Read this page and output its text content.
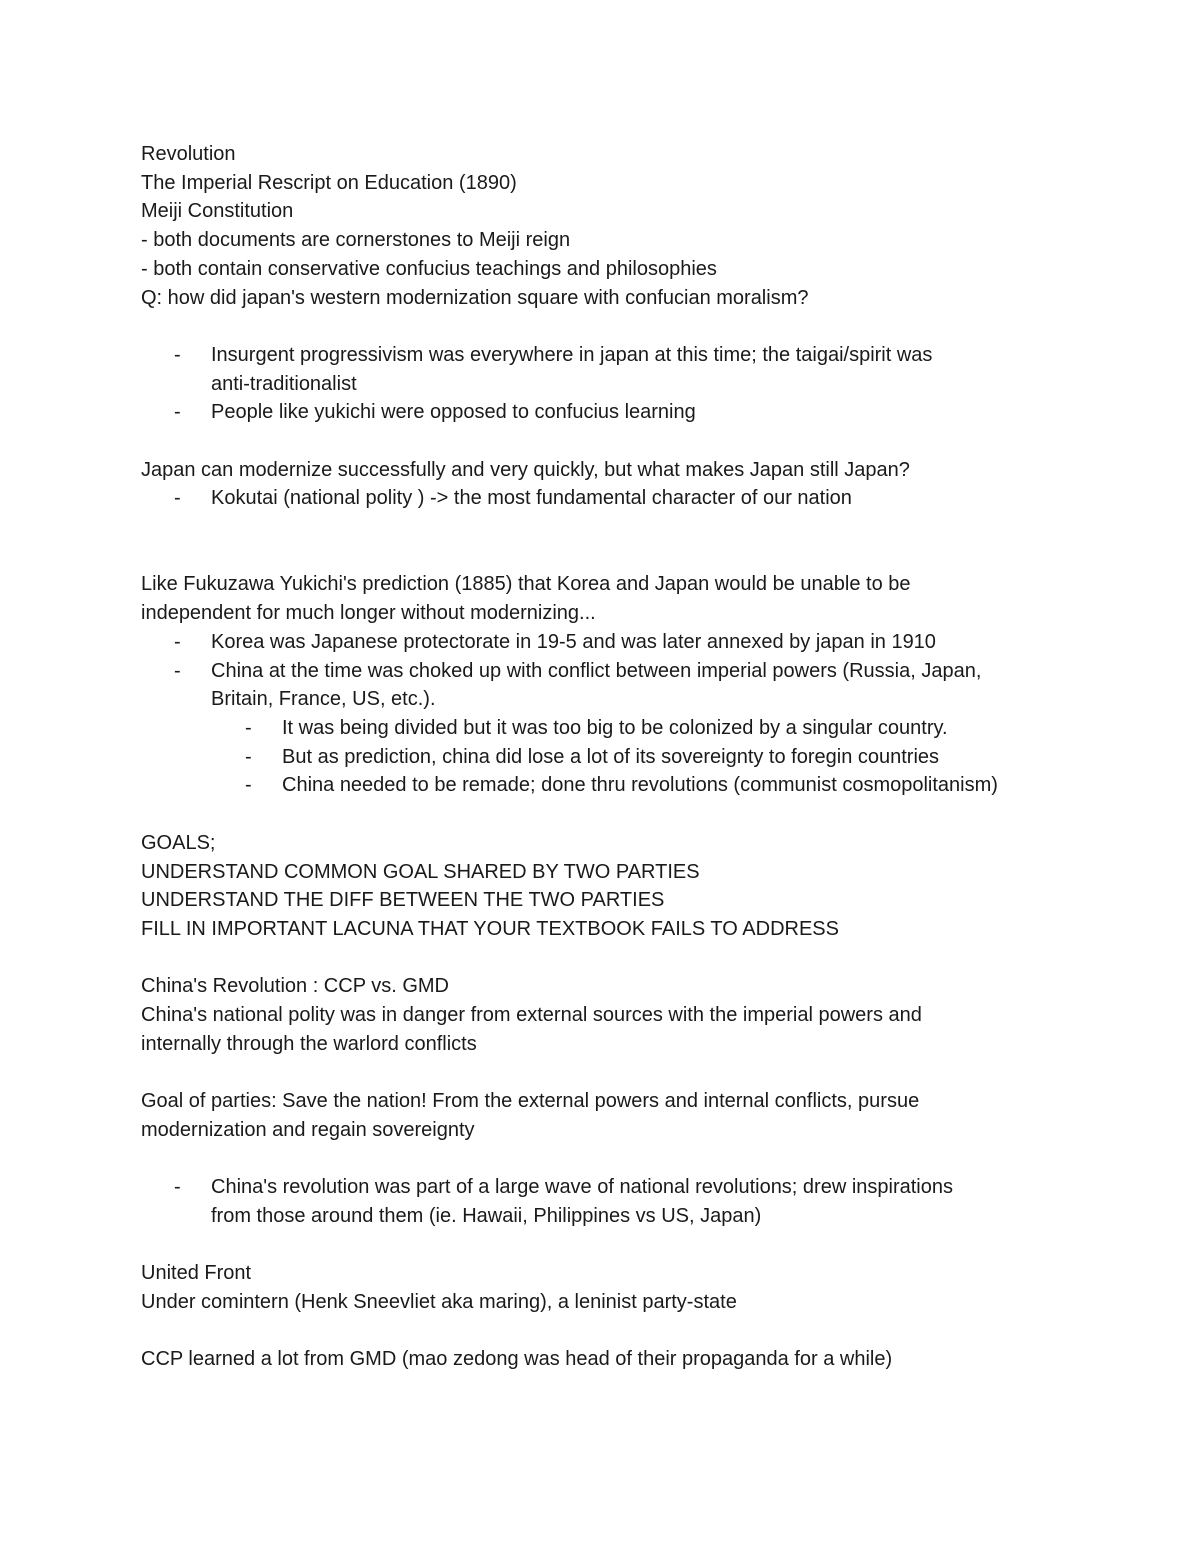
Revolution

The Imperial Rescript on Education (1890)

Meiji Constitution

- both documents are cornerstones to Meiji reign

- both contain conservative confucius teachings and philosophies

Q: how did japan's western modernization square with confucian moralism?

- Insurgent progressivism was everywhere in japan at this time; the taigai/spirit was
anti-traditionalist
- People like yukichi were opposed to confucius learning

Japan can modernize successfully and very quickly, but what makes Japan still Japan?

- Kokutai (national polity ) -> the most fundamental character of our nation

Like Fukuzawa Yukichi's prediction (1885) that Korea and Japan would be unable to be

independent for much longer without modernizing...

- Korea was Japanese protectorate in 19-5 and was later annexed by japan in 1910
- China at the time was choked up with conflict between imperial powers (Russia, Japan,
Britain, France, US, etc.).
- It was being divided but it was too big to be colonized by a singular country.
- But as prediction, china did lose a lot of its sovereignty to foregin countries
- China needed to be remade; done thru revolutions (communist cosmopolitanism)

GOALS;

UNDERSTAND COMMON GOAL SHARED BY TWO PARTIES

UNDERSTAND THE DIFF BETWEEN THE TWO PARTIES

FILL IN IMPORTANT LACUNA THAT YOUR TEXTBOOK FAILS TO ADDRESS

China's Revolution : CCP vs. GMD

China's national polity was in danger from external sources with the imperial powers and

internally through the warlord conflicts

Goal of parties: Save the nation! From the external powers and internal conflicts, pursue

modernization and regain sovereignty

- China's revolution was part of a large wave of national revolutions; drew inspirations
from those around them (ie. Hawaii, Philippines vs US, Japan)

United Front

Under comintern (Henk Sneevliet aka maring), a leninist party-state

CCP learned a lot from GMD (mao zedong was head of their propaganda for a while)
